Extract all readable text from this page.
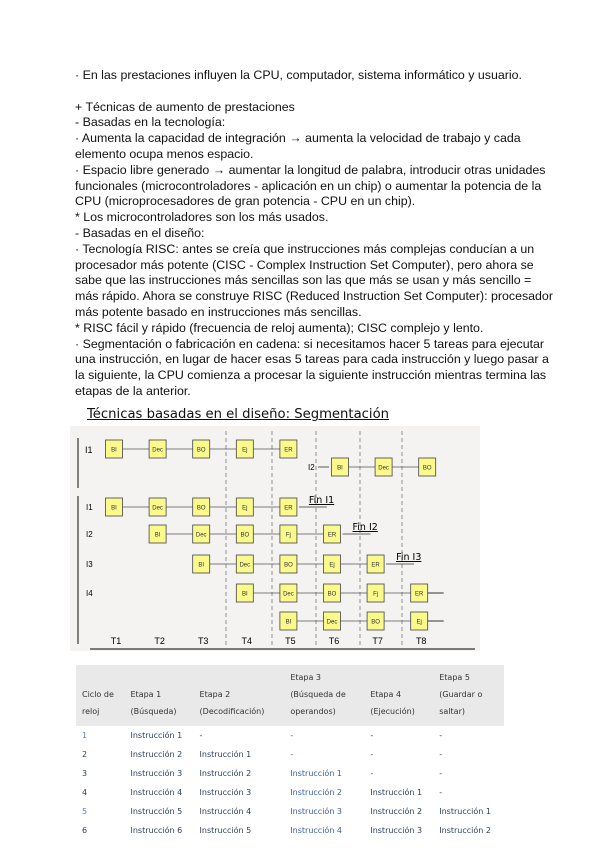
· En las prestaciones influyen la CPU, computador, sistema informático y usuario.

+ Técnicas de aumento de prestaciones

- Basadas en la tecnología:

· Aumenta la capacidad de integración → aumenta la velocidad de trabajo y cada elemento ocupa menos espacio.

· Espacio libre generado → aumentar la longitud de palabra, introducir otras unidades funcionales (microcontroladores - aplicación en un chip) o aumentar la potencia de la CPU (microprocesadores de gran potencia - CPU en un chip).

* Los microcontroladores son los más usados.

- Basadas en el diseño:

· Tecnología RISC: antes se creía que instrucciones más complejas conducían a un procesador más potente (CISC - Complex Instruction Set Computer), pero ahora se sabe que las instrucciones más sencillas son las que más se usan y más sencillo = más rápido. Ahora se construye RISC (Reduced Instruction Set Computer): procesador más potente basado en instrucciones más sencillas.

* RISC fácil y rápido (frecuencia de reloj aumenta); CISC complejo y lento.

· Segmentación o fabricación en cadena: si necesitamos hacer 5 tareas para ejecutar una instrucción, en lugar de hacer esas 5 tareas para cada instrucción y luego pasar a la siguiente, la CPU comienza a procesar la siguiente instrucción mientras termina las etapas de la anterior.

Técnicas basadas en el diseño: Segmentación
I1	BI	Dec	BO	Ej	ER
I2	BI	Dec	BO
I1	BI	Dec	BO	Ej	ER
Fin I1
I2	BI	Dec	BO	Fj	ER
Fin I2
I3	BI	Dec	BO	Ej	ER
Fin I3
I4	BI	Dec	BO	Fj	ER
BI	Dec	BO	Ej
T1	T2	T3	T4	T5	T6	T7	T8
Ciclo de reloj	Etapa 1 (Búsqueda)	Etapa 2 (Decodificación)	Etapa 3 (Búsqueda de operandos)	Etapa 4 (Ejecución)	Etapa 5 (Guardar o saltar)
1	Instrucción 1	-	-	-	-
2	Instrucción 2	Instrucción 1	-	-	-
3	Instrucción 3	Instrucción 2	Instrucción 1	-	-
4	Instrucción 4	Instrucción 3	Instrucción 2	Instrucción 1	-
5	Instrucción 5	Instrucción 4	Instrucción 3	Instrucción 2	Instrucción 1
6	Instrucción 6	Instrucción 5	Instrucción 4	Instrucción 3	Instrucción 2
